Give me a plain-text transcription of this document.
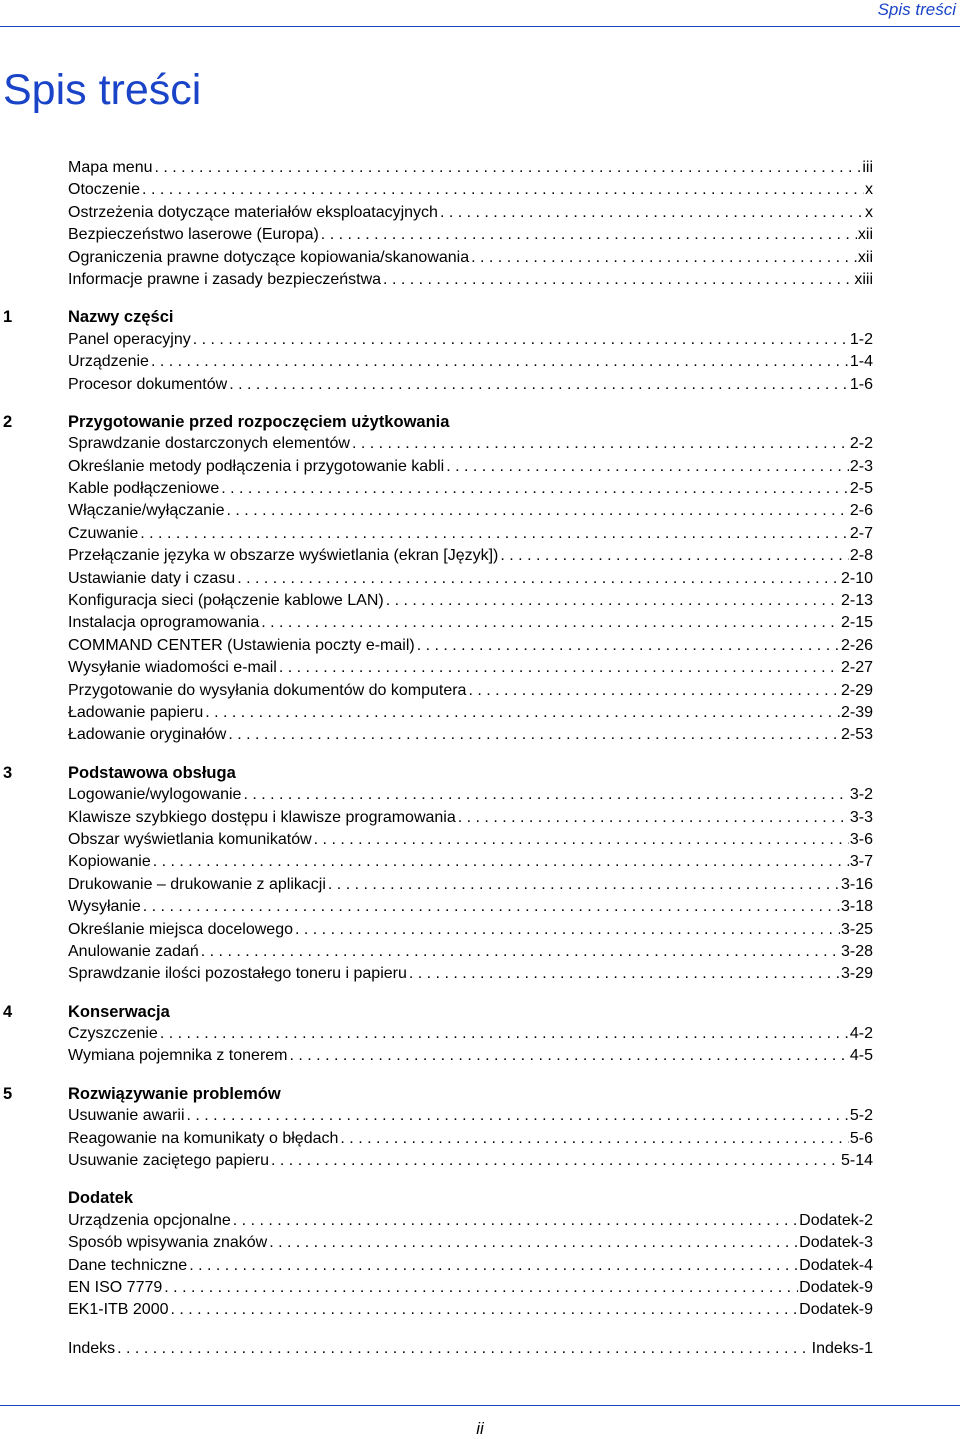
Spis treści
Spis treści
Mapa menu . . .	iii
Otoczenie . . .	x
Ostrzeżenia dotyczące materiałów eksploatacyjnych . . .	x
Bezpieczeństwo laserowe (Europa) . . .	xii
Ograniczenia prawne dotyczące kopiowania/skanowania . . .	xii
Informacje prawne i zasady bezpieczeństwa . . .	xiii
1	Nazwy części
Panel operacyjny . . .	1-2
Urządzenie . . .	1-4
Procesor dokumentów . . .	1-6
2	Przygotowanie przed rozpoczęciem użytkowania
Sprawdzanie dostarczonych elementów . . .	2-2
Określanie metody podłączenia i przygotowanie kabli . . .	2-3
Kable podłączeniowe . . .	2-5
Włączanie/wyłączanie . . .	2-6
Czuwanie . . .	2-7
Przełączanie języka w obszarze wyświetlania (ekran [Język]) . . .	2-8
Ustawianie daty i czasu . . .	2-10
Konfiguracja sieci (połączenie kablowe LAN) . . .	2-13
Instalacja oprogramowania . . .	2-15
COMMAND CENTER (Ustawienia poczty e-mail) . . .	2-26
Wysyłanie wiadomości e-mail . . .	2-27
Przygotowanie do wysyłania dokumentów do komputera . . .	2-29
Ładowanie papieru . . .	2-39
Ładowanie oryginałów . . .	2-53
3	Podstawowa obsługa
Logowanie/wylogowanie . . .	3-2
Klawisze szybkiego dostępu i klawisze programowania . . .	3-3
Obszar wyświetlania komunikatów . . .	3-6
Kopiowanie . . .	3-7
Drukowanie – drukowanie z aplikacji . . .	3-16
Wysyłanie . . .	3-18
Określanie miejsca docelowego . . .	3-25
Anulowanie zadań . . .	3-28
Sprawdzanie ilości pozostałego toneru i papieru . . .	3-29
4	Konserwacja
Czyszczenie . . .	4-2
Wymiana pojemnika z tonerem . . .	4-5
5	Rozwiązywanie problemów
Usuwanie awarii . . .	5-2
Reagowanie na komunikaty o błędach . . .	5-6
Usuwanie zaciętego papieru . . .	5-14
Dodatek
Urządzenia opcjonalne . . .	Dodatek-2
Sposób wpisywania znaków . . .	Dodatek-3
Dane techniczne . . .	Dodatek-4
EN ISO 7779 . . .	Dodatek-9
EK1-ITB 2000 . . .	Dodatek-9
Indeks . . .	Indeks-1
ii
